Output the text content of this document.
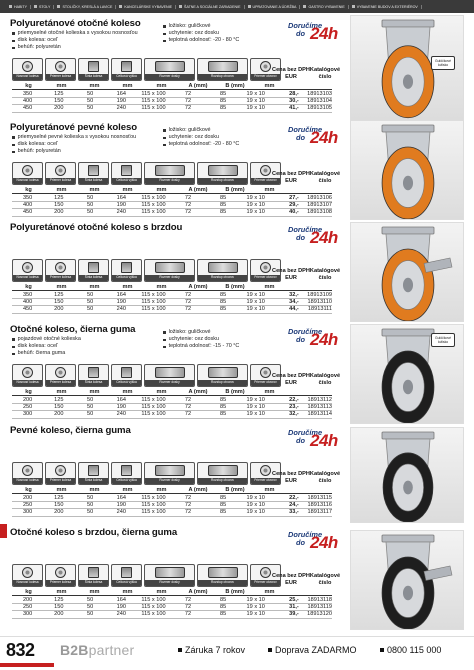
HABITY	STOLY	STOLIČKY, KRESLÁ A LAVICE	KANCELÁRSKE VYBAVENIE	ŠATNE A SOCIÁLNE ZARIADENIE	UPRATOVANIE A ÚDRŽBA	GASTRO VYBAVENIE	VYBAVENIE BUDOV A EXTERIÉROV
Polyuretánové otočné koleso
priemyselné otočné kolieska s vysokou nosnosťou
disk kolesa: oceľ
behúň: polyuretán
ložisko: guličkové
uchytenie: cez dosku
teplotná odolnosť: -20 - 80 °C
Doručíme
do 24h
Nosnosť kolesa	Priemer kolesa	Šírka kolesa	Celková výška	Rozmer dosky	Rozstup otvorov	Priemer otvorov
Cena bez DPH EUR
Katalógové číslo
kg	mm	mm	mm	mm	A (mm)	B (mm)	mm
350	125	50	164	115 x 100	72	85	19 x 10	28,-	18913103
400	150	50	190	115 x 100	72	85	19 x 10	30,-	18913104
450	200	50	240	115 x 100	72	85	19 x 10	41,-	18913105
Gulôčkové ložisko
Polyuretánové pevné koleso
priemyselné pevné kolieska s vysokou nosnosťou
disk kolesa: oceľ
behúň: polyuretán
ložisko: guličkové
uchytenie: cez dosku
teplotná odolnosť: -20 - 80 °C
Doručíme
do 24h
Nosnosť kolesa	Priemer kolesa	Šírka kolesa	Celková výška	Rozmer dosky	Rozstup otvorov	Priemer otvorov
Cena bez DPH EUR
Katalógové číslo
kg	mm	mm	mm	mm	A (mm)	B (mm)	mm
350	125	50	164	115 x 100	72	85	19 x 10	27,-	18913106
400	150	50	190	115 x 100	72	85	19 x 10	29,-	18913107
450	200	50	240	115 x 100	72	85	19 x 10	40,-	18913108
Polyuretánové otočné koleso s brzdou	Doručíme
do 24h
Nosnosť kolesa	Priemer kolesa	Šírka kolesa	Celková výška	Rozmer dosky	Rozstup otvorov	Priemer otvorov
Cena bez DPH EUR
Katalógové číslo
kg	mm	mm	mm	mm	A (mm)	B (mm)	mm
350	125	50	164	115 x 100	72	85	19 x 10	32,-	18913109
400	150	50	190	115 x 100	72	85	19 x 10	34,-	18913110
450	200	50	240	115 x 100	72	85	19 x 10	44,-	18913111
Otočné koleso, čierna guma
pojazdové otočné kolieska
disk kolesa: oceľ
behúň: čierna guma
ložisko: guličkové
uchytenie: cez dosku
teplotná odolnosť: -15 - 70 °C
Doručíme
do 24h
Nosnosť kolesa	Priemer kolesa	Šírka kolesa	Celková výška	Rozmer dosky	Rozstup otvorov	Priemer otvorov
Cena bez DPH EUR
Katalógové číslo
kg	mm	mm	mm	mm	A (mm)	B (mm)	mm
200	125	50	164	115 x 100	72	85	19 x 10	22,-	18913112
250	150	50	190	115 x 100	72	85	19 x 10	23,-	18913113
300	200	50	240	115 x 100	72	85	19 x 10	32,-	18913114
Gulôčkové ložisko
Pevné koleso, čierna guma	Doručíme
do 24h
Nosnosť kolesa	Priemer kolesa	Šírka kolesa	Celková výška	Rozmer dosky	Rozstup otvorov	Priemer otvorov
Cena bez DPH EUR
Katalógové číslo
kg	mm	mm	mm	mm	A (mm)	B (mm)	mm
200	125	50	164	115 x 100	72	85	19 x 10	22,-	18913115
250	150	50	190	115 x 100	72	85	19 x 10	24,-	18913116
300	200	50	240	115 x 100	72	85	19 x 10	33,-	18913117
Otočné koleso s brzdou, čierna guma	Doručíme
do 24h
Nosnosť kolesa	Priemer kolesa	Šírka kolesa	Celková výška	Rozmer dosky	Rozstup otvorov	Priemer otvorov
Cena bez DPH EUR
Katalógové číslo
kg	mm	mm	mm	mm	A (mm)	B (mm)	mm
200	125	50	164	115 x 100	72	85	19 x 10	25,-	18913118
250	150	50	190	115 x 100	72	85	19 x 10	31,-	18913119
300	200	50	240	115 x 100	72	85	19 x 10	39,-	18913120
832 B2Bpartner	Záruka 7 rokov	Doprava ZADARMO	0800 115 000
